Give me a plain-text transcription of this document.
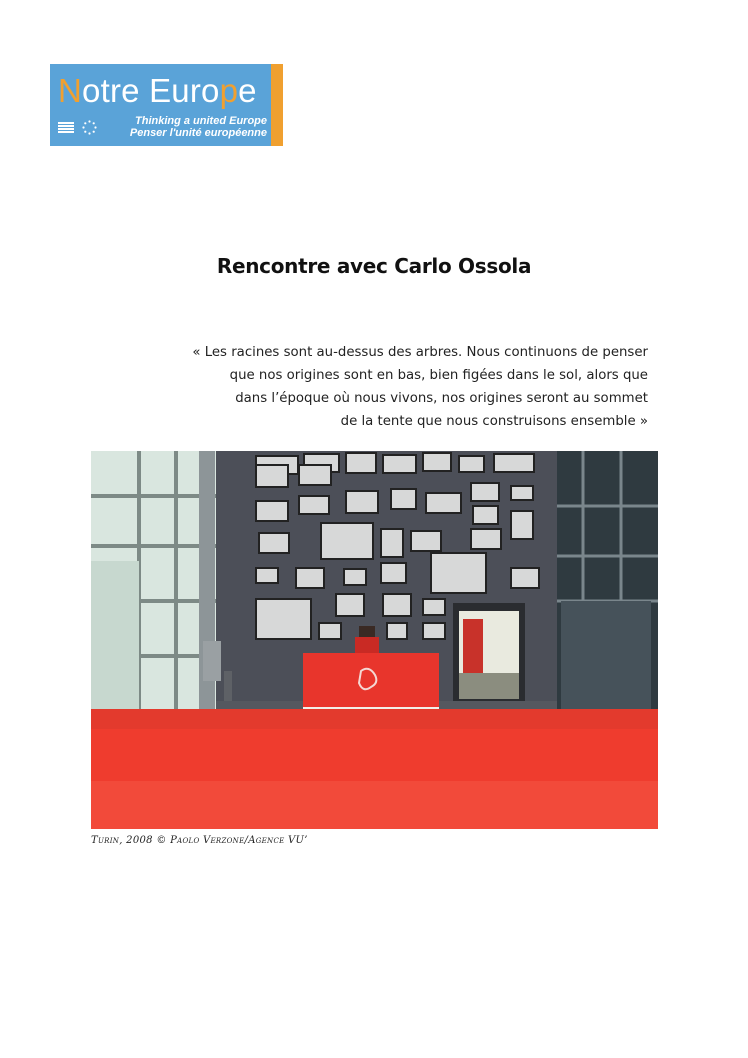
Notre Europe
Thinking a united Europe
Penser l'unité européenne
Rencontre avec Carlo Ossola
« Les racines sont au-dessus des arbres. Nous continuons de penser
que nos origines sont en bas, bien figées dans le sol, alors que
dans l’époque où nous vivons, nos origines seront au sommet
de la tente que nous construisons ensemble »
Turin, 2008 © Paolo Verzone/Agence VU’
